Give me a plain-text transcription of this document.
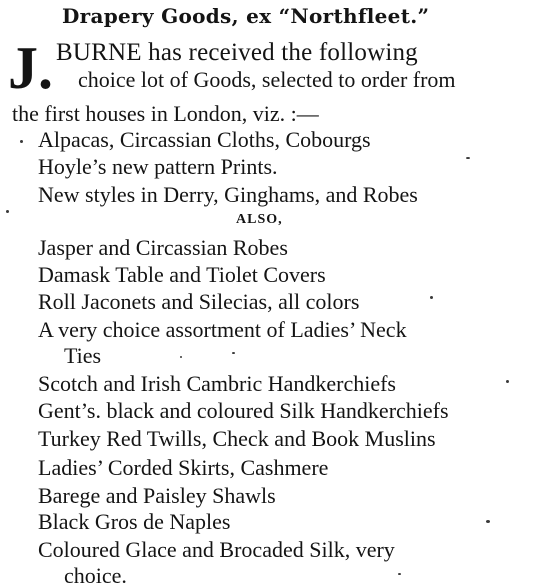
Drapery Goods, ex “Northfleet.”
J. BURNE has received the following
choice lot of Goods, selected to order from
the first houses in London, viz. :—
Alpacas, Circassian Cloths, Cobourgs
Hoyle’s new pattern Prints.
New styles in Derry, Ginghams, and Robes
ALSO,
Jasper and Circassian Robes
Damask Table and Tiolet Covers
Roll Jaconets and Silecias, all colors
A very choice assortment of Ladies’ Neck
Ties
Scotch and Irish Cambric Handkerchiefs
Gent’s. black and coloured Silk Handkerchiefs
Turkey Red Twills, Check and Book Muslins
Ladies’ Corded Skirts, Cashmere
Barege and Paisley Shawls
Black Gros de Naples
Coloured Glace and Brocaded Silk, very
choice.
